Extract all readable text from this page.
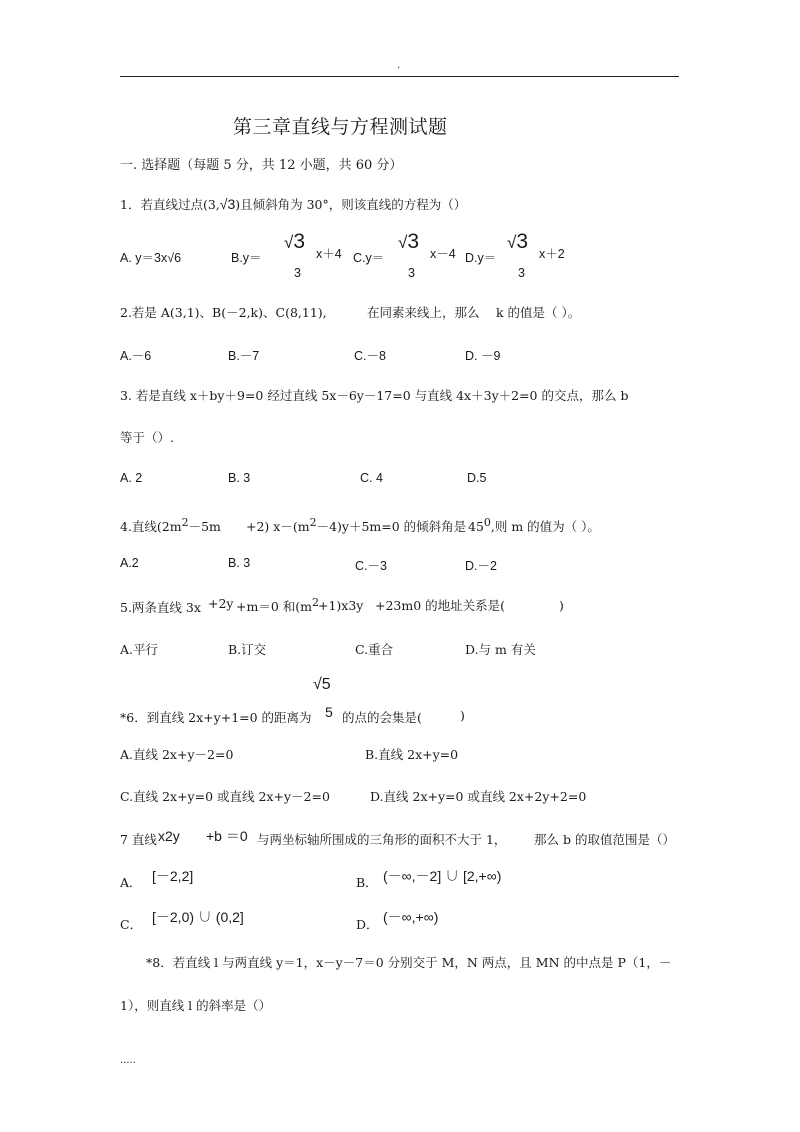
.
第三章直线与方程测试题
一. 选择题（每题 5 分，共 12 小题，共 60 分）
1．若直线过点(3,√3)且倾斜角为 30°，则该直线的方程为（）
A. y＝3x√6	B.y＝
√3
x＋4
3
C.y＝
√3
x－4
3
D.y＝
√3
x＋2
3
2.若是 A(3,1)、B(－2,k)、C(8,11),	在同素来线上，那么 k 的值是（ ）。
A.－6	B.－7	C.－8	D. －9
3. 若是直线 x＋by＋9=0 经过直线 5x－6y－17=0 与直线 4x＋3y＋2=0 的交点，那么 b
等于（）.
A. 2	B. 3	C. 4	D.5
4.直线$(2m^2-5m +2)$ $x-(m^2-4)y+5m=0$ 的倾斜角是 $45^0$,则 m 的值为（ ）。
A.2	B. 3	C.－3	D.－2
5.两条直线 3x +2y +m＝0 和$(m^2 +1)x3y +23m0$ 的地址关系是(	)
A.平行	B.订交	C.重合	D.与 m 有关
√5
*6．到直线 2x+y+1=0 的距离为 5 的点的会集是(	)
A.直线 2x+y－2=0	B.直线 2x+y=0
C.直线 2x+y=0 或直线 2x+y－2=0	D.直线 2x+y=0 或直线 2x+2y+2=0
7 直线 x2y +b ＝0 与两坐标轴所围成的三角形的面积不大于 1， 那么 b 的取值范围是（）
A． [－2,2]	B． (－∞,－2] ∪ [2,+∞)
C． [－2,0) ∪ (0,2]	D． (－∞,+∞)
*8．若直线 l 与两直线 y＝1，x－y－7＝0 分别交于 M，N 两点，且 MN 的中点是 P（1，－
1），则直线 l 的斜率是（）
.....
